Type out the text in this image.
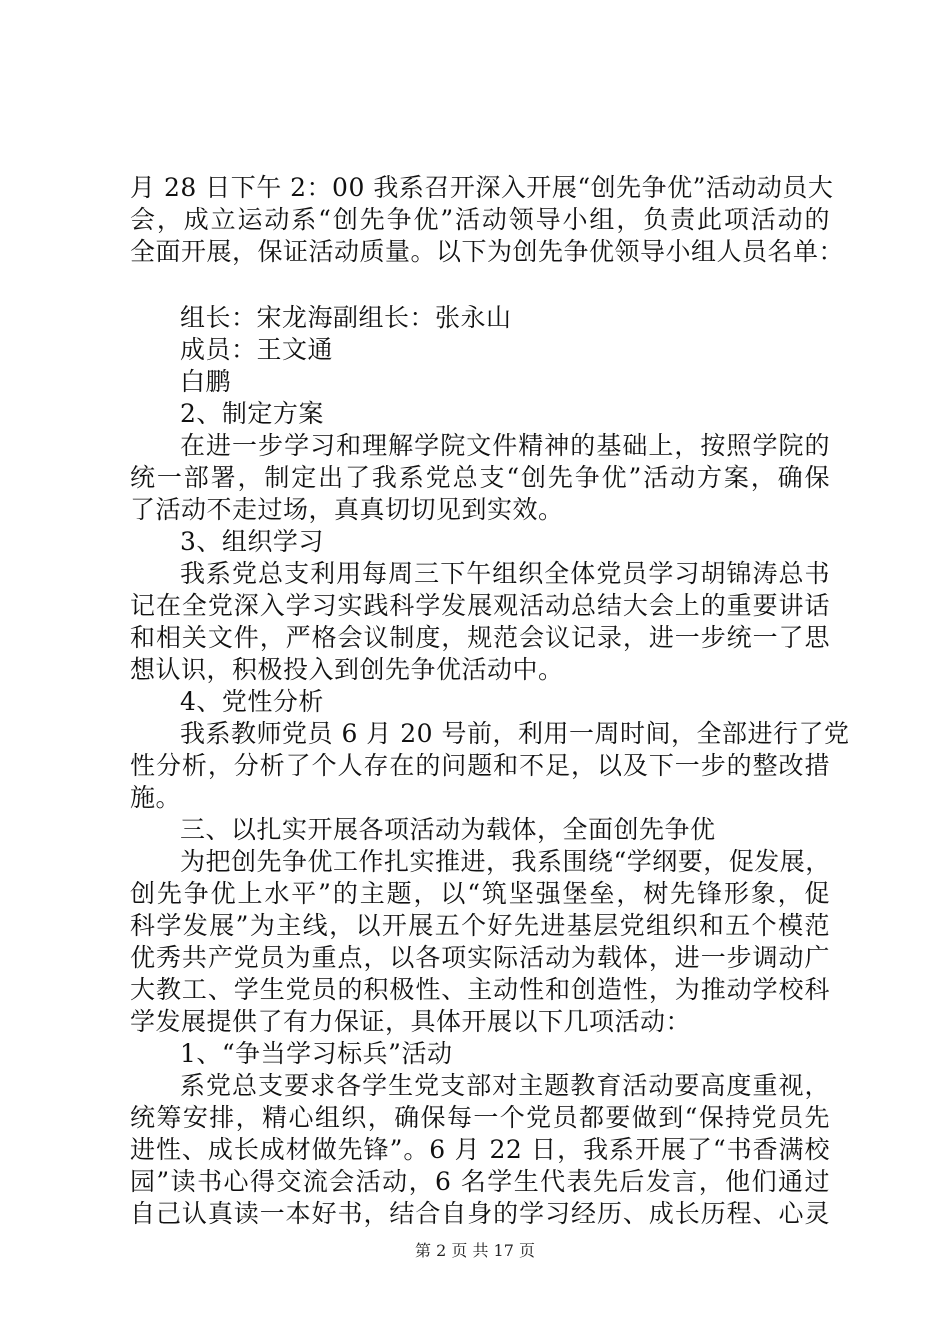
月 28 日下午 2：00 我系召开深入开展“创先争优”活动动员大
会，成立运动系“创先争优”活动领导小组，负责此项活动的
全面开展，保证活动质量。以下为创先争优领导小组人员名单：
组长：宋龙海副组长：张永山
成员：王文通
白鹏
2、制定方案
在进一步学习和理解学院文件精神的基础上，按照学院的
统一部署，制定出了我系党总支“创先争优”活动方案，确保
了活动不走过场，真真切切见到实效。
3、组织学习
我系党总支利用每周三下午组织全体党员学习胡锦涛总书
记在全党深入学习实践科学发展观活动总结大会上的重要讲话
和相关文件，严格会议制度，规范会议记录，进一步统一了思
想认识，积极投入到创先争优活动中。
4、党性分析
我系教师党员 6 月 20 号前，利用一周时间，全部进行了党
性分析，分析了个人存在的问题和不足，以及下一步的整改措
施。
三、以扎实开展各项活动为载体，全面创先争优
为把创先争优工作扎实推进，我系围绕“学纲要，促发展，
创先争优上水平”的主题，以“筑坚强堡垒，树先锋形象，促
科学发展”为主线，以开展五个好先进基层党组织和五个模范
优秀共产党员为重点，以各项实际活动为载体，进一步调动广
大教工、学生党员的积极性、主动性和创造性，为推动学校科
学发展提供了有力保证，具体开展以下几项活动：
1、“争当学习标兵”活动
系党总支要求各学生党支部对主题教育活动要高度重视，
统筹安排，精心组织，确保每一个党员都要做到“保持党员先
进性、成长成材做先锋”。6 月 22 日，我系开展了“书香满校
园”读书心得交流会活动，6 名学生代表先后发言，他们通过
自己认真读一本好书，结合自身的学习经历、成长历程、心灵
第 2 页 共 17 页
